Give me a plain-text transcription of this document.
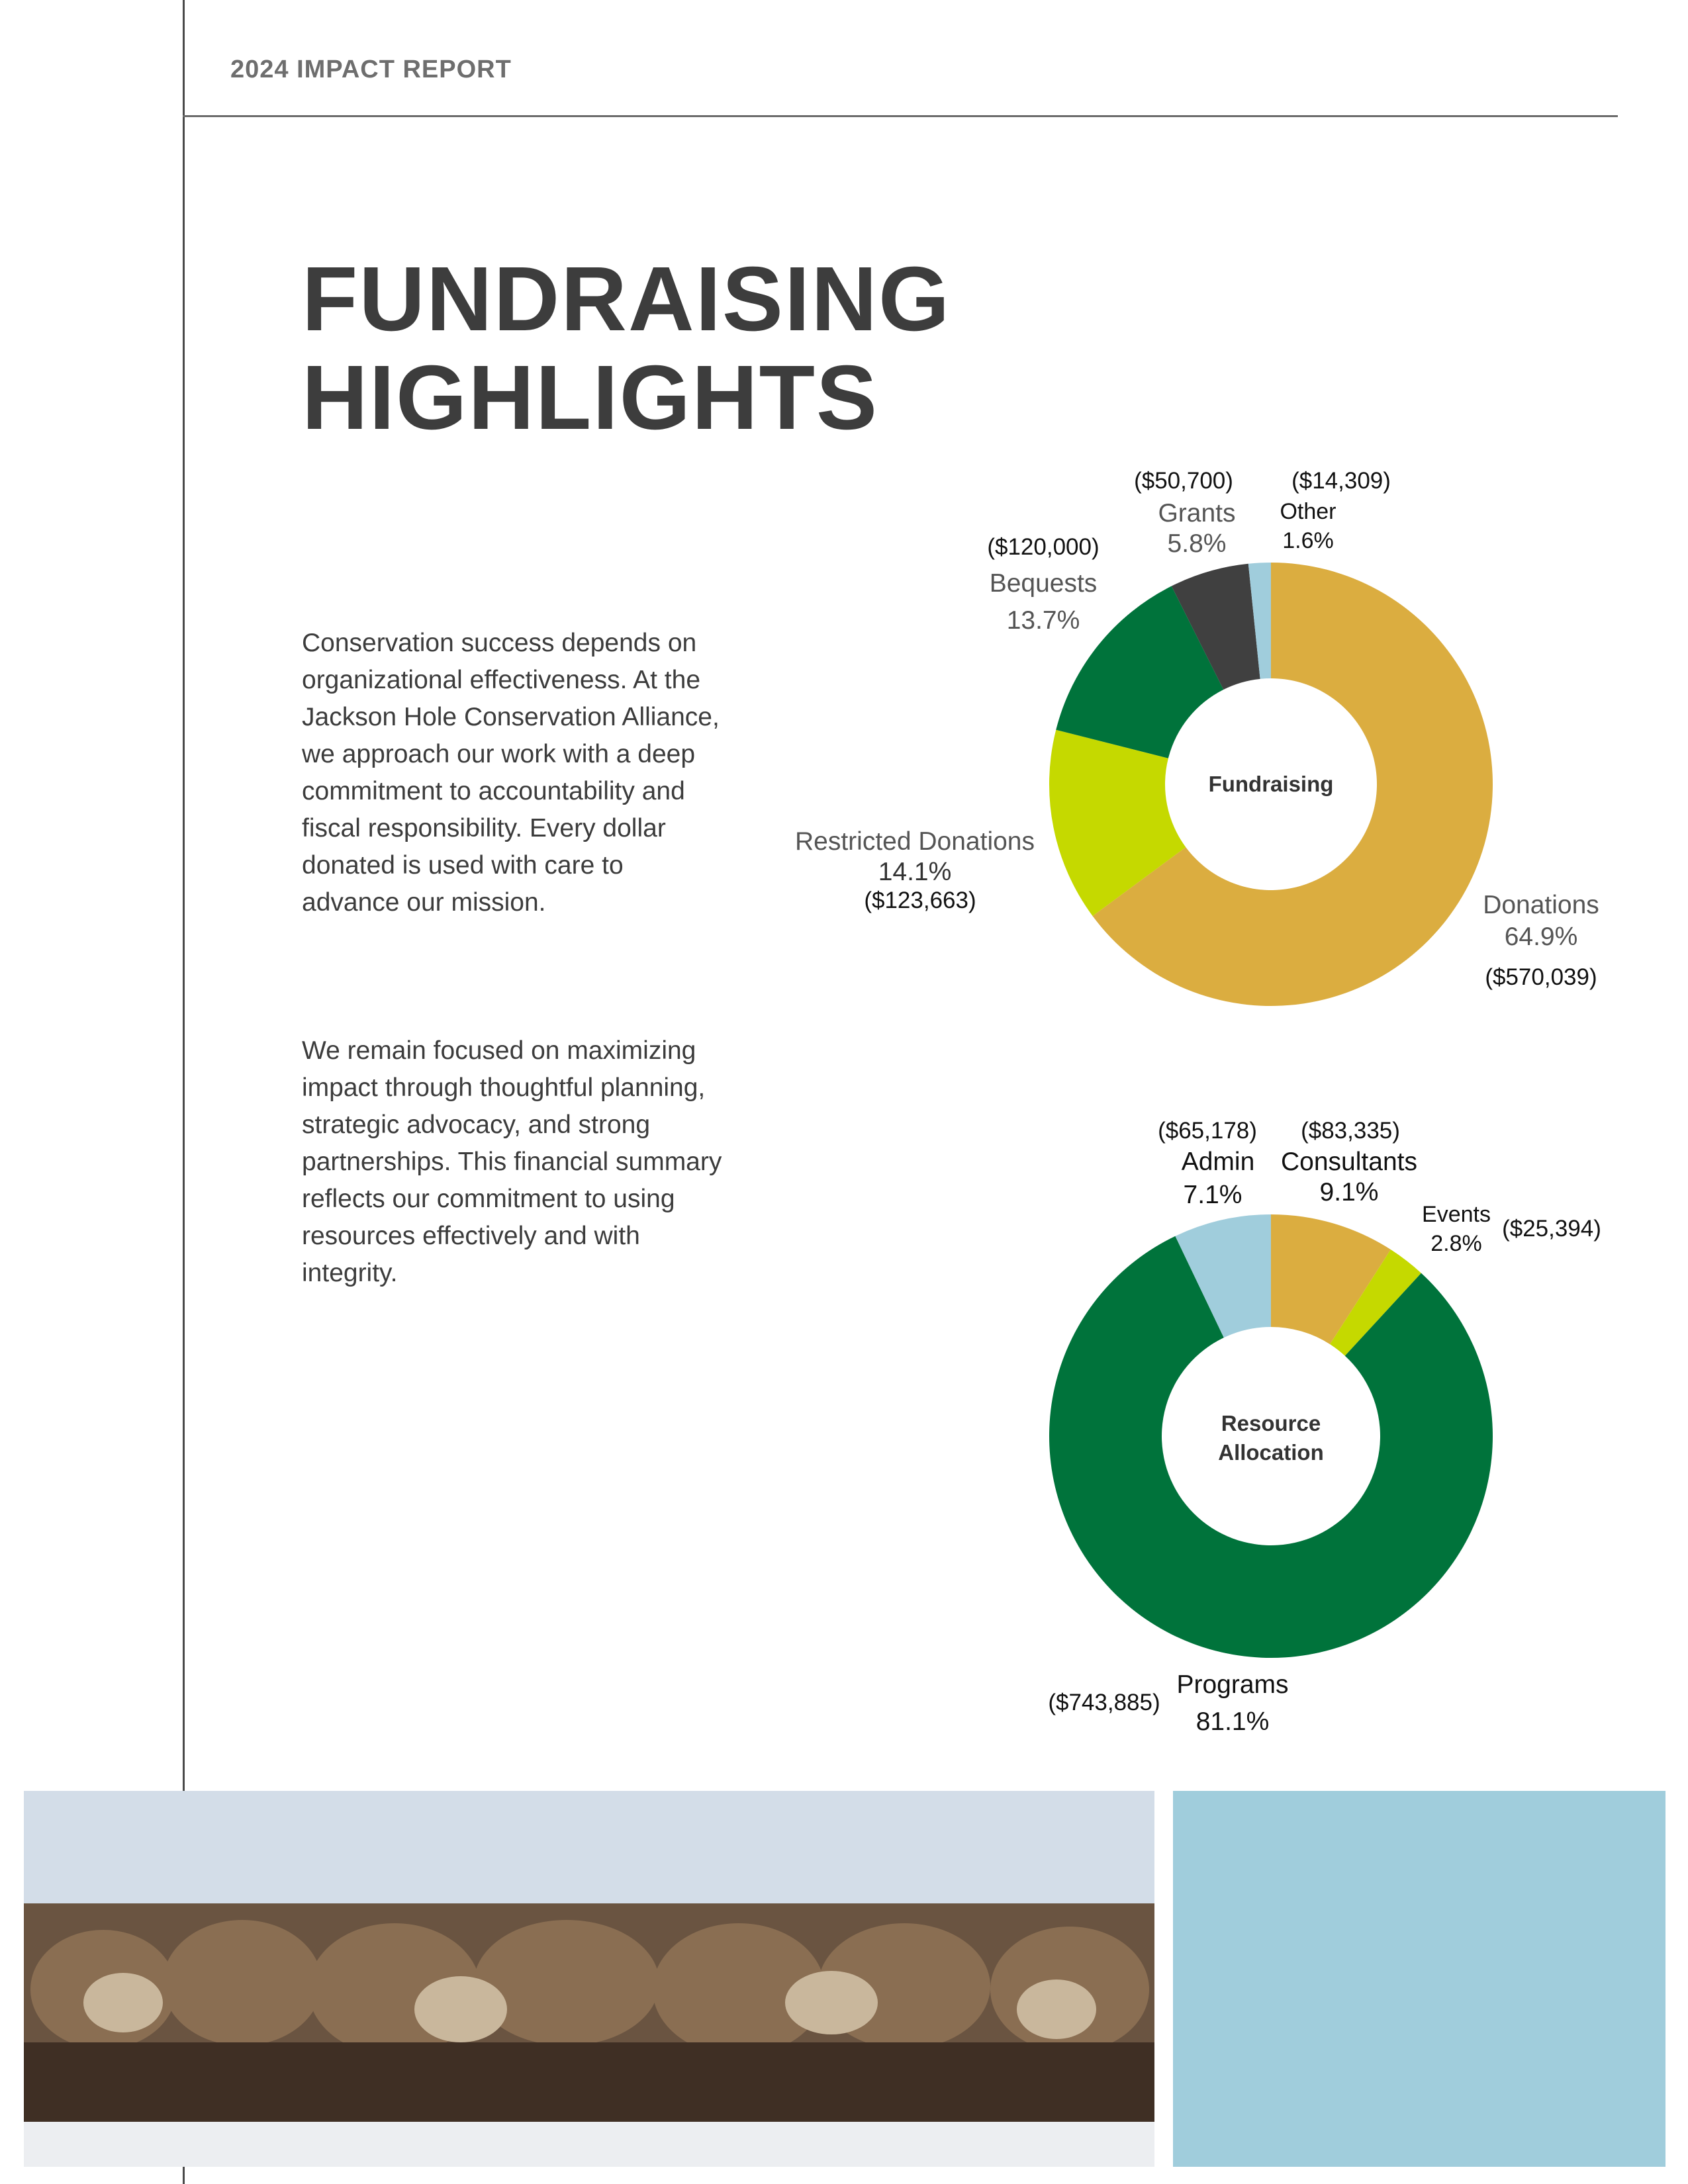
2024 IMPACT REPORT
FUNDRAISING
HIGHLIGHTS
Conservation success depends on organizational effectiveness. At the Jackson Hole Conservation Alliance, we approach our work with a deep commitment to accountability and fiscal responsibility. Every dollar donated is used with care to advance our mission.
We remain focused on maximizing impact through thoughtful planning, strategic advocacy, and strong partnerships. This financial summary reflects our commitment to using resources effectively and with integrity.
Fundraising
Donations
64.9%
($570,039)
Restricted Donations
14.1%
($123,663)
($120,000)
Bequests
13.7%
($50,700)
Grants
5.8%
($14,309)
Other
1.6%
Resource
Allocation
($83,335)
Consultants
9.1%
Events
2.8%
($25,394)
Programs
81.1%
($743,885)
($65,178)
Admin
7.1%
